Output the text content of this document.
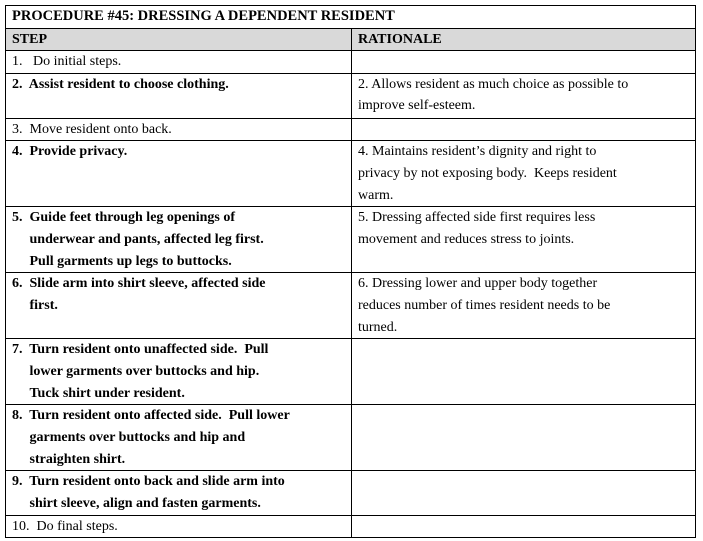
PROCEDURE #45: DRESSING A DEPENDENT RESIDENT	
STEP	RATIONALE
1.   Do initial steps.	
2.  Assist resident to choose clothing.	2. Allows resident as much choice as possible to
improve self-esteem.
3.  Move resident onto back.	
4.  Provide privacy.	4. Maintains resident’s dignity and right to
privacy by not exposing body.  Keeps resident
warm.
5.  Guide feet through leg openings of
underwear and pants, affected leg first.
Pull garments up legs to buttocks.	5. Dressing affected side first requires less
movement and reduces stress to joints.
6.  Slide arm into shirt sleeve, affected side
first.	6. Dressing lower and upper body together
reduces number of times resident needs to be
turned.
7.  Turn resident onto unaffected side.  Pull
lower garments over buttocks and hip.
Tuck shirt under resident.	
8.  Turn resident onto affected side.  Pull lower
garments over buttocks and hip and
straighten shirt.	
9.  Turn resident onto back and slide arm into
shirt sleeve, align and fasten garments.	
10.  Do final steps.	
